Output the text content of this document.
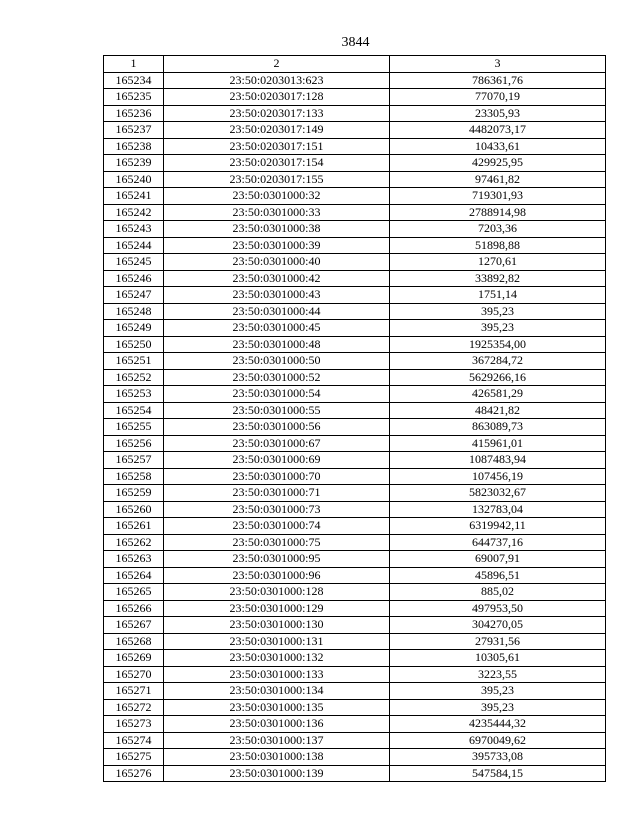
3844
1	2	3
165234	23:50:0203013:623	786361,76
165235	23:50:0203017:128	77070,19
165236	23:50:0203017:133	23305,93
165237	23:50:0203017:149	4482073,17
165238	23:50:0203017:151	10433,61
165239	23:50:0203017:154	429925,95
165240	23:50:0203017:155	97461,82
165241	23:50:0301000:32	719301,93
165242	23:50:0301000:33	2788914,98
165243	23:50:0301000:38	7203,36
165244	23:50:0301000:39	51898,88
165245	23:50:0301000:40	1270,61
165246	23:50:0301000:42	33892,82
165247	23:50:0301000:43	1751,14
165248	23:50:0301000:44	395,23
165249	23:50:0301000:45	395,23
165250	23:50:0301000:48	1925354,00
165251	23:50:0301000:50	367284,72
165252	23:50:0301000:52	5629266,16
165253	23:50:0301000:54	426581,29
165254	23:50:0301000:55	48421,82
165255	23:50:0301000:56	863089,73
165256	23:50:0301000:67	415961,01
165257	23:50:0301000:69	1087483,94
165258	23:50:0301000:70	107456,19
165259	23:50:0301000:71	5823032,67
165260	23:50:0301000:73	132783,04
165261	23:50:0301000:74	6319942,11
165262	23:50:0301000:75	644737,16
165263	23:50:0301000:95	69007,91
165264	23:50:0301000:96	45896,51
165265	23:50:0301000:128	885,02
165266	23:50:0301000:129	497953,50
165267	23:50:0301000:130	304270,05
165268	23:50:0301000:131	27931,56
165269	23:50:0301000:132	10305,61
165270	23:50:0301000:133	3223,55
165271	23:50:0301000:134	395,23
165272	23:50:0301000:135	395,23
165273	23:50:0301000:136	4235444,32
165274	23:50:0301000:137	6970049,62
165275	23:50:0301000:138	395733,08
165276	23:50:0301000:139	547584,15
